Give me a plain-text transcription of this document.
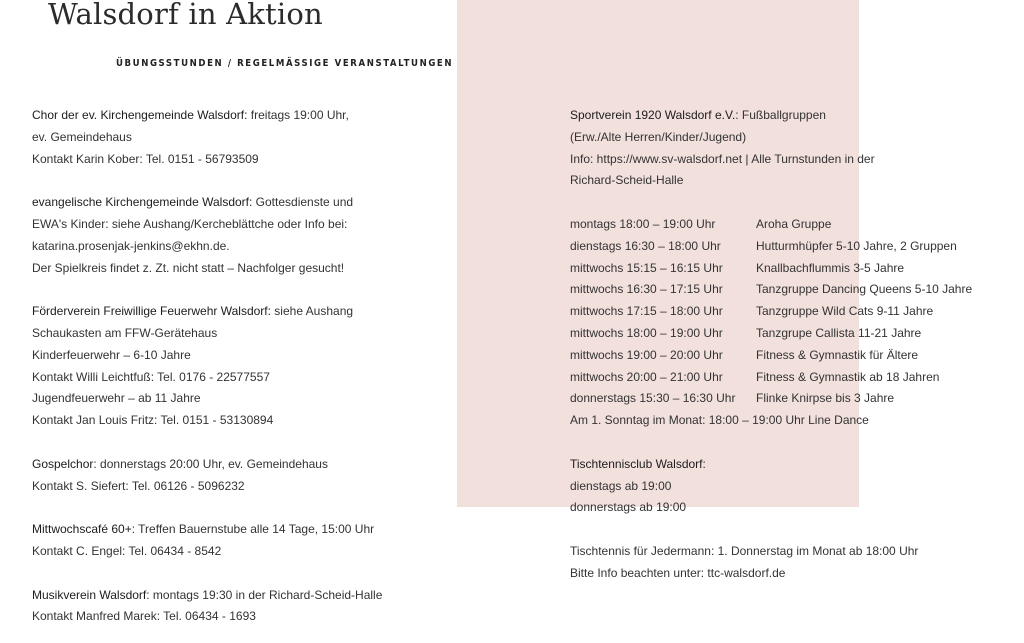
Walsdorf in Aktion
ÜBUNGSSTUNDEN / REGELMÄSSIGE VERANSTALTUNGEN
Chor der ev. Kirchengemeinde Walsdorf: freitags 19:00 Uhr,
ev. Gemeindehaus
Kontakt Karin Kober: Tel. 0151 - 56793509
evangelische Kirchengemeinde Walsdorf: Gottesdienste und
EWA's Kinder: siehe Aushang/Kercheblättche oder Info bei:
katarina.prosenjak-jenkins@ekhn.de.
Der Spielkreis findet z. Zt. nicht statt – Nachfolger gesucht!
Förderverein Freiwillige Feuerwehr Walsdorf: siehe Aushang
Schaukasten am FFW-Gerätehaus
Kinderfeuerwehr – 6-10 Jahre
Kontakt Willi Leichtfuß: Tel. 0176 - 22577557
Jugendfeuerwehr – ab 11 Jahre
Kontakt Jan Louis Fritz: Tel. 0151 - 53130894
Gospelchor: donnerstags 20:00 Uhr, ev. Gemeindehaus
Kontakt S. Siefert: Tel. 06126 - 5096232
Mittwochscafé 60+: Treffen Bauernstube alle 14 Tage, 15:00 Uhr
Kontakt C. Engel: Tel. 06434 - 8542
Musikverein Walsdorf: montags 19:30 in der Richard-Scheid-Halle
Kontakt Manfred Marek: Tel. 06434 - 1693
Sportverein 1920 Walsdorf e.V.: Fußballgruppen
(Erw./Alte Herren/Kinder/Jugend)
Info: https://www.sv-walsdorf.net | Alle Turnstunden in der
Richard-Scheid-Halle
montags 18:00 – 19:00 Uhr	Aroha Gruppe
dienstags 16:30 – 18:00 Uhr	Hutturmhüpfer 5-10 Jahre, 2 Gruppen
mittwochs 15:15 – 16:15 Uhr	Knallbachflummis 3-5 Jahre
mittwochs 16:30 – 17:15 Uhr	Tanzgruppe Dancing Queens 5-10 Jahre
mittwochs 17:15 – 18:00 Uhr	Tanzgruppe Wild Cats 9-11 Jahre
mittwochs 18:00 – 19:00 Uhr	Tanzgrupe Callista 11-21 Jahre
mittwochs 19:00 – 20:00 Uhr	Fitness & Gymnastik für Ältere
mittwochs 20:00 – 21:00 Uhr	Fitness & Gymnastik ab 18 Jahren
donnerstags 15:30 – 16:30 Uhr	Flinke Knirpse bis 3 Jahre
Am 1. Sonntag im Monat: 18:00 – 19:00 Uhr Line Dance
Tischtennisclub Walsdorf:
dienstags ab 19:00
donnerstags ab 19:00
Tischtennis für Jedermann: 1. Donnerstag im Monat ab 18:00 Uhr
Bitte Info beachten unter: ttc-walsdorf.de
